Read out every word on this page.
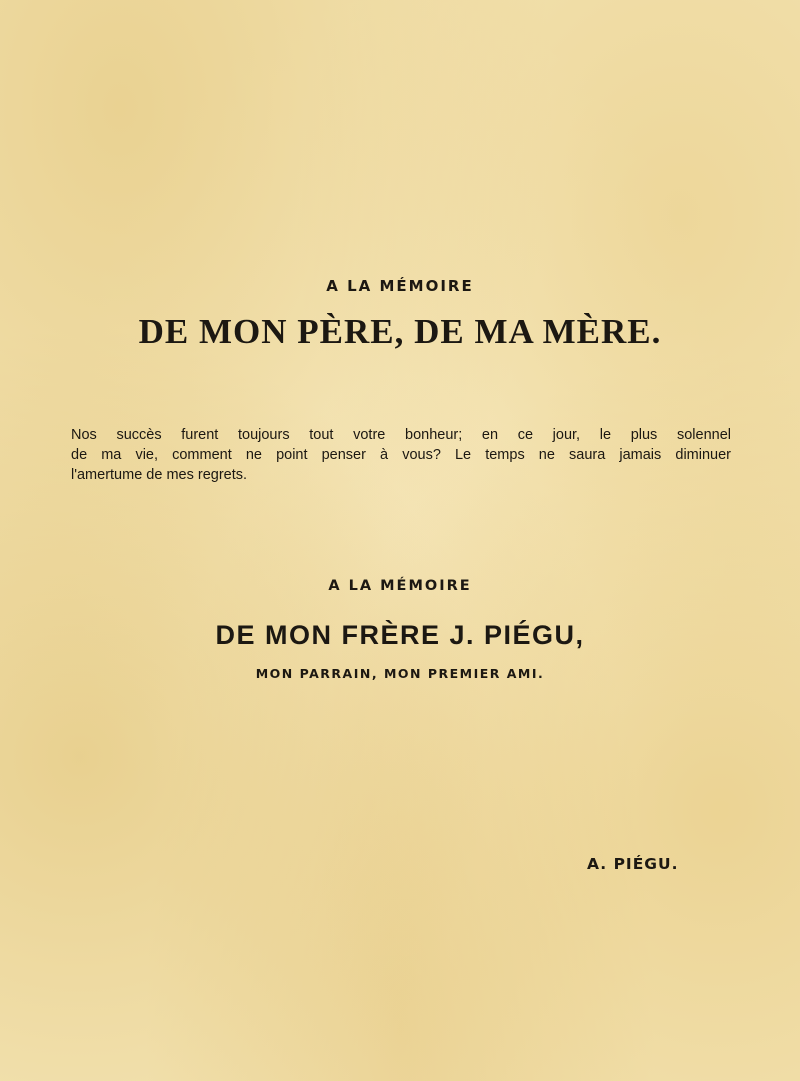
A LA MÉMOIRE
DE MON PÈRE, DE MA MÈRE.
Nos succès furent toujours tout votre bonheur; en ce jour, le plus solennel
de ma vie, comment ne point penser à vous? Le temps ne saura jamais diminuer
l'amertume de mes regrets.
A LA MÉMOIRE
DE MON FRÈRE J. PIÉGU,
MON PARRAIN, MON PREMIER AMI.
A. PIÉGU.
